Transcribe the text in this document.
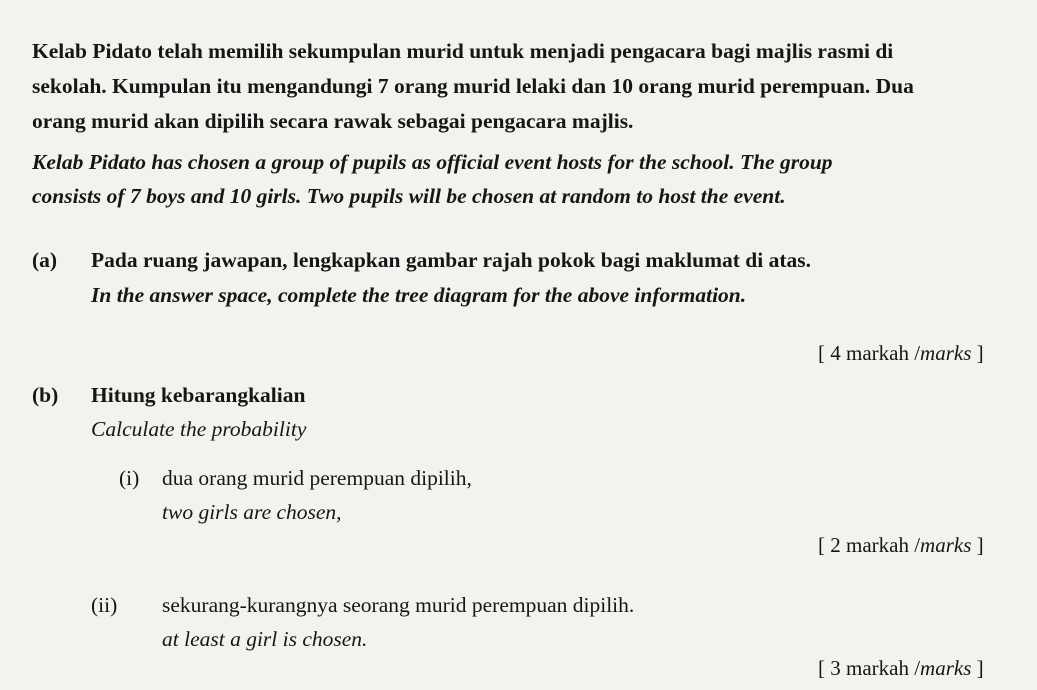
Kelab Pidato telah memilih sekumpulan murid untuk menjadi pengacara bagi majlis rasmi di
sekolah. Kumpulan itu mengandungi 7 orang murid lelaki dan 10 orang murid perempuan. Dua
orang murid akan dipilih secara rawak sebagai pengacara majlis.
Kelab Pidato has chosen a group of pupils as official event hosts for the school. The group
consists of 7 boys and 10 girls. Two pupils will be chosen at random to host the event.
(a) Pada ruang jawapan, lengkapkan gambar rajah pokok bagi maklumat di atas.
In the answer space, complete the tree diagram for the above information.
[ 4 markah /marks ]
(b) Hitung kebarangkalian
Calculate the probability
(i) dua orang murid perempuan dipilih,
two girls are chosen,
[ 2 markah /marks ]
(ii) sekurang-kurangnya seorang murid perempuan dipilih.
at least a girl is chosen.
[ 3 markah /marks ]
